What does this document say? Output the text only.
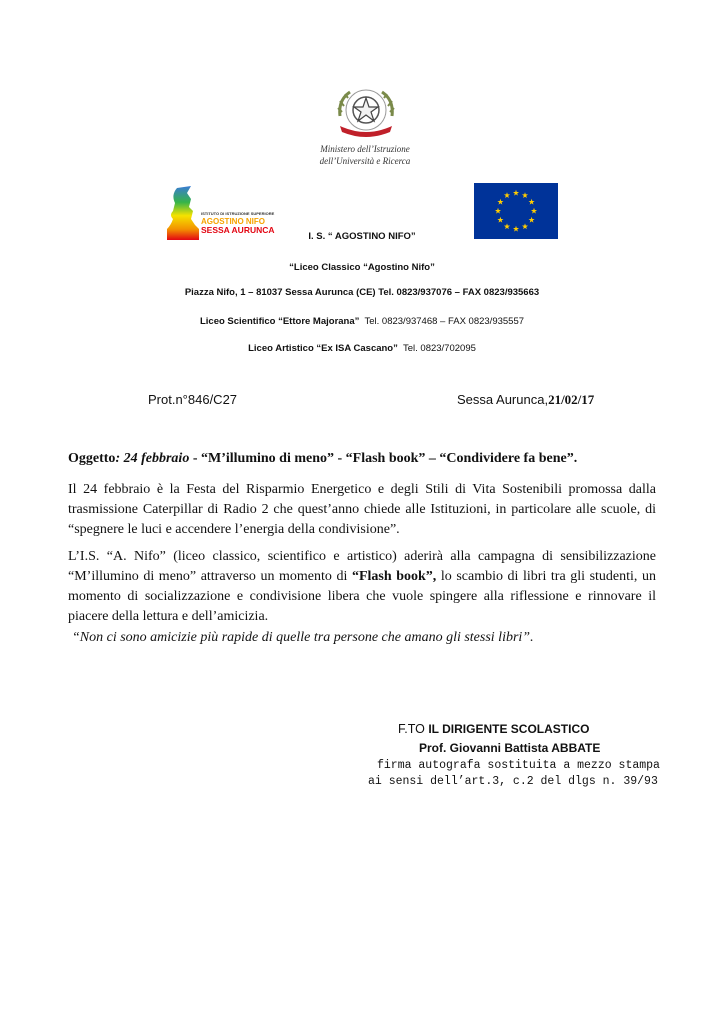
Ministero dell’Istruzione
dell’Università e Ricerca
ISTITUTO DI ISTRUZIONE SUPERIORE
AGOSTINO NIFO
SESSA AURUNCA
I. S. “ AGOSTINO NIFO”
“Liceo Classico “Agostino Nifo”
Piazza Nifo, 1 – 81037 Sessa Aurunca (CE) Tel. 0823/937076 – FAX 0823/935663
Liceo Scientifico “Ettore Majorana” Tel. 0823/937468 – FAX 0823/935557
Liceo Artistico “Ex ISA Cascano” Tel. 0823/702095
Prot.n°846/C27	Sessa Aurunca,21/02/17
Oggetto: 24 febbraio - “M’illumino di meno” - “Flash book” – “Condividere fa bene”.
Il 24 febbraio è la Festa del Risparmio Energetico e degli Stili di Vita Sostenibili promossa dalla trasmissione Caterpillar di Radio 2 che quest’anno chiede alle Istituzioni, in particolare alle scuole, di “spegnere le luci e accendere l’energia della condivisione”.
L’I.S. “A. Nifo” (liceo classico, scientifico e artistico) aderirà alla campagna di sensibilizzazione “M’illumino di meno” attraverso un momento di “Flash book”, lo scambio di libri tra gli studenti, un momento di socializzazione e condivisione libera che vuole spingere alla riflessione e rinnovare il piacere della lettura e dell’amicizia.
“Non ci sono amicizie più rapide di quelle tra persone che amano gli stessi libri”.
F.TO IL DIRIGENTE SCOLASTICO
Prof. Giovanni Battista ABBATE
firma autografa sostituita a mezzo stampa
ai sensi dell’art.3, c.2 del dlgs n. 39/93
